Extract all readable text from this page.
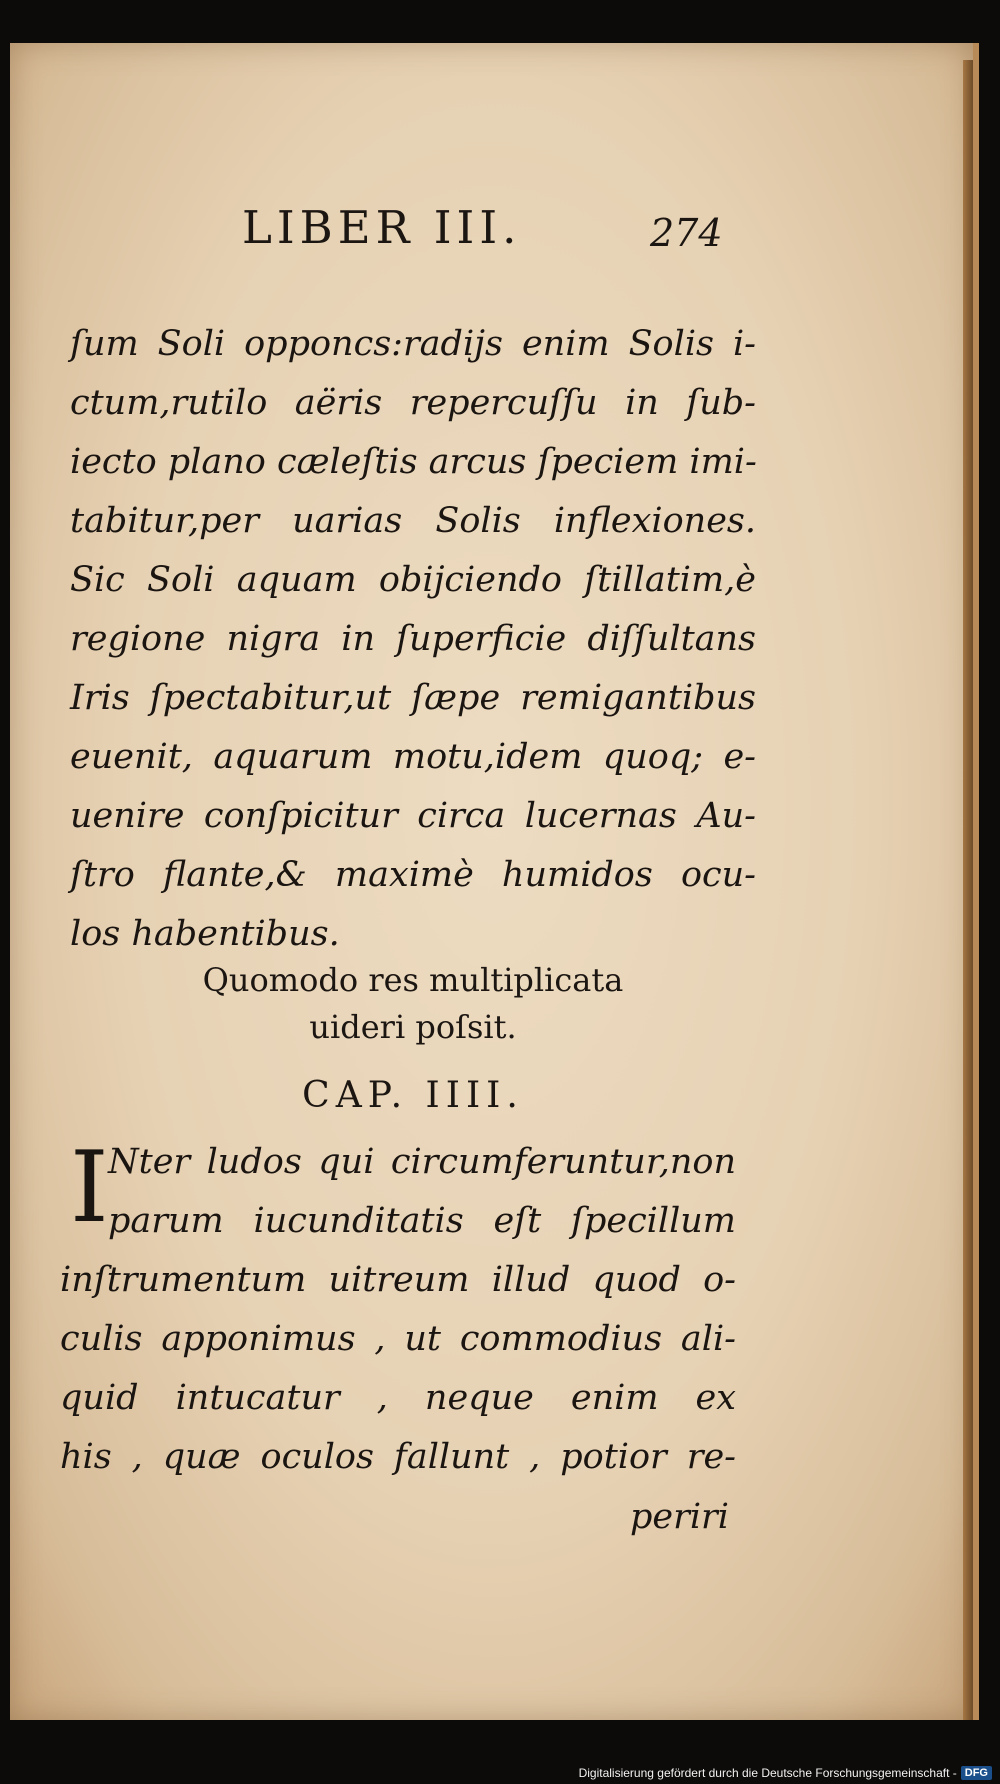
LIBER III.	274
ſum Soli opponcs:radijs enim Solis i-
ctum,rutilo aëris repercuſſu in ſub-
iecto plano cæleſtis arcus ſpeciem imi-
tabitur,per uarias Solis inflexiones.
Sic Soli aquam obijciendo ſtillatim,è
regione nigra in ſuperficie diſſultans
Iris ſpectabitur,ut ſæpe remigantibus
euenit, aquarum motu,idem quoq; e-
uenire conſpicitur circa lucernas Au-
ſtro flante,& maximè humidos ocu-
los habentibus.
Quomodo res multiplicata
uideri poſsit.
CAP. IIII.
I Nter ludos qui circumferuntur,non
parum iucunditatis eſt ſpecillum
inſtrumentum uitreum illud quod o-
culis apponimus , ut commodius ali-
quid intucatur , neque enim ex
his , quæ oculos fallunt , potior re-
periri
Digitalisierung gefördert durch die Deutsche Forschungsgemeinschaft - DFG
